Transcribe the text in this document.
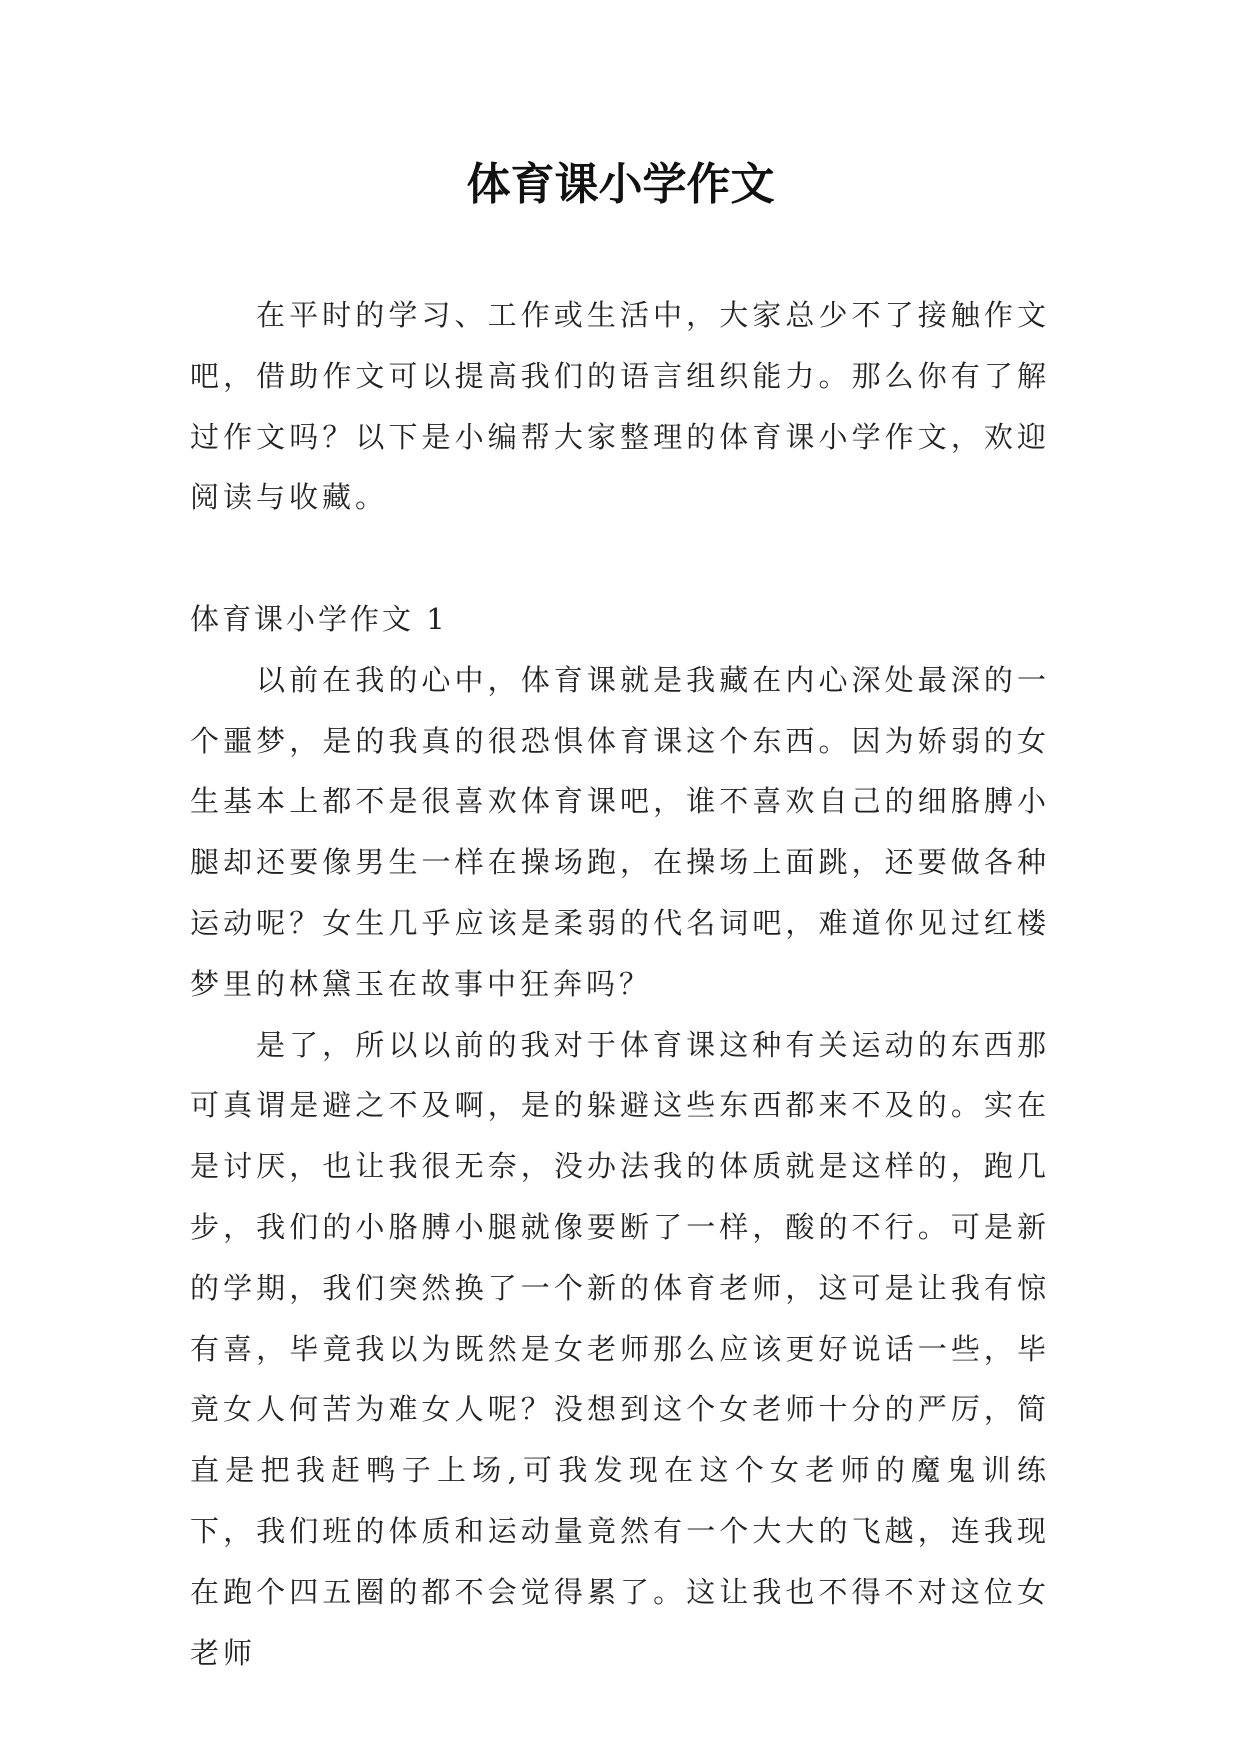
体育课小学作文

在平时的学习、工作或生活中，大家总少不了接触作文吧，借助作文可以提高我们的语言组织能力。那么你有了解过作文吗？以下是小编帮大家整理的体育课小学作文，欢迎阅读与收藏。

体育课小学作文 1

以前在我的心中，体育课就是我藏在内心深处最深的一个噩梦，是的我真的很恐惧体育课这个东西。因为娇弱的女生基本上都不是很喜欢体育课吧，谁不喜欢自己的细胳膊小腿却还要像男生一样在操场跑，在操场上面跳，还要做各种运动呢？女生几乎应该是柔弱的代名词吧，难道你见过红楼梦里的林黛玉在故事中狂奔吗？

是了，所以以前的我对于体育课这种有关运动的东西那可真谓是避之不及啊，是的躲避这些东西都来不及的。实在是讨厌，也让我很无奈，没办法我的体质就是这样的，跑几步，我们的小胳膊小腿就像要断了一样，酸的不行。可是新的学期，我们突然换了一个新的体育老师，这可是让我有惊有喜，毕竟我以为既然是女老师那么应该更好说话一些，毕竟女人何苦为难女人呢？没想到这个女老师十分的严厉，简直是把我赶鸭子上场,可我发现在这个女老师的魔鬼训练下，我们班的体质和运动量竟然有一个大大的飞越，连我现在跑个四五圈的都不会觉得累了。这让我也不得不对这位女老师
